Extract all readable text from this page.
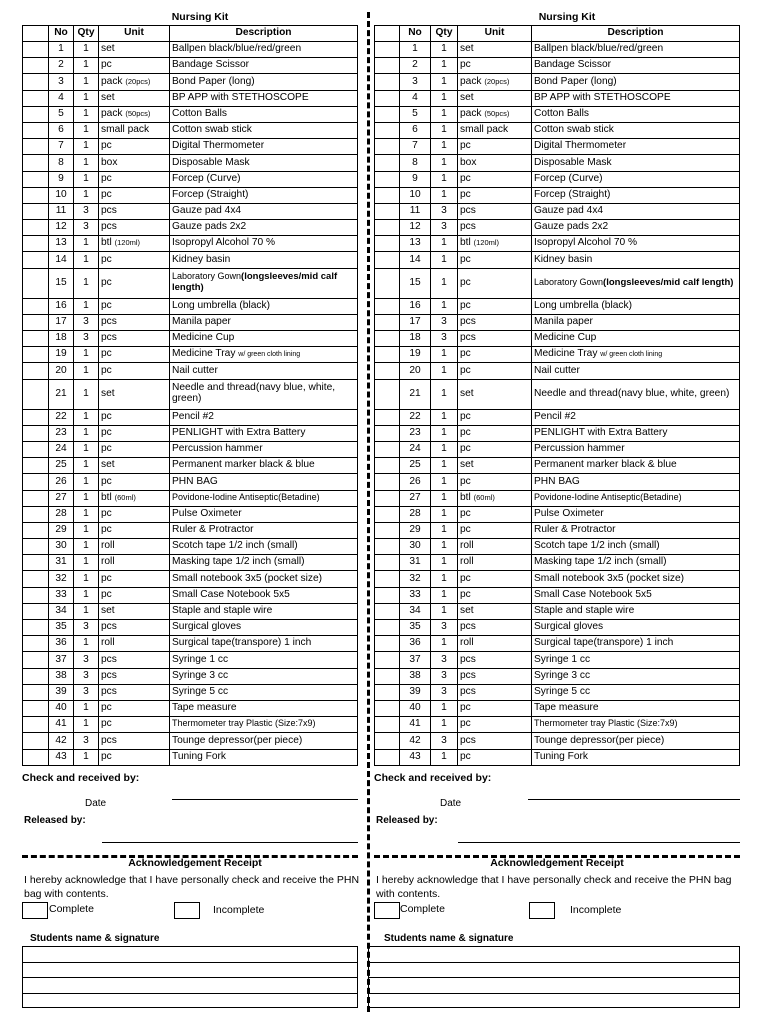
Nursing Kit
	No	Qty	Unit	Description
	1	1	set	Ballpen black/blue/red/green
	2	1	pc	Bandage Scissor
	3	1	pack (20pcs)	Bond Paper (long)
	4	1	set	BP APP with STETHOSCOPE
	5	1	pack (50pcs)	Cotton Balls
	6	1	small pack	Cotton swab stick
	7	1	pc	Digital Thermometer
	8	1	box	Disposable Mask
	9	1	pc	Forcep (Curve)
	10	1	pc	Forcep (Straight)
	11	3	pcs	Gauze pad 4x4
	12	3	pcs	Gauze pads 2x2
	13	1	btl (120ml)	Isopropyl Alcohol 70 %
	14	1	pc	Kidney basin
	15	1	pc	Laboratory Gown(longsleeves/mid calf length)
	16	1	pc	Long umbrella (black)
	17	3	pcs	Manila paper
	18	3	pcs	Medicine Cup
	19	1	pc	Medicine Tray w/ green cloth lining
	20	1	pc	Nail cutter
	21	1	set	Needle and thread(navy blue, white, green)
	22	1	pc	Pencil #2
	23	1	pc	PENLIGHT with Extra Battery
	24	1	pc	Percussion hammer
	25	1	set	Permanent marker black & blue
	26	1	pc	PHN BAG
	27	1	btl (60ml)	Povidone-Iodine Antiseptic(Betadine)
	28	1	pc	Pulse Oximeter
	29	1	pc	Ruler & Protractor
	30	1	roll	Scotch tape 1/2 inch (small)
	31	1	roll	Masking tape 1/2 inch (small)
	32	1	pc	Small notebook 3x5 (pocket size)
	33	1	pc	Small Case Notebook 5x5
	34	1	set	Staple and staple wire
	35	3	pcs	Surgical gloves
	36	1	roll	Surgical tape(transpore) 1 inch
	37	3	pcs	Syringe 1 cc
	38	3	pcs	Syringe 3 cc
	39	3	pcs	Syringe 5 cc
	40	1	pc	Tape measure
	41	1	pc	Thermometer tray Plastic (Size:7x9)
	42	3	pcs	Tounge depressor(per piece)
	43	1	pc	Tuning Fork
Check and received by:
Nursing Kit
	No	Qty	Unit	Description
	1	1	set	Ballpen black/blue/red/green
	2	1	pc	Bandage Scissor
	3	1	pack (20pcs)	Bond Paper (long)
	4	1	set	BP APP with STETHOSCOPE
	5	1	pack (50pcs)	Cotton Balls
	6	1	small pack	Cotton swab stick
	7	1	pc	Digital Thermometer
	8	1	box	Disposable Mask
	9	1	pc	Forcep (Curve)
	10	1	pc	Forcep (Straight)
	11	3	pcs	Gauze pad 4x4
	12	3	pcs	Gauze pads 2x2
	13	1	btl (120ml)	Isopropyl Alcohol 70 %
	14	1	pc	Kidney basin
	15	1	pc	Laboratory Gown(longsleeves/mid calf length)
	16	1	pc	Long umbrella (black)
	17	3	pcs	Manila paper
	18	3	pcs	Medicine Cup
	19	1	pc	Medicine Tray w/ green cloth lining
	20	1	pc	Nail cutter
	21	1	set	Needle and thread(navy blue, white, green)
	22	1	pc	Pencil #2
	23	1	pc	PENLIGHT with Extra Battery
	24	1	pc	Percussion hammer
	25	1	set	Permanent marker black & blue
	26	1	pc	PHN BAG
	27	1	btl (60ml)	Povidone-Iodine Antiseptic(Betadine)
	28	1	pc	Pulse Oximeter
	29	1	pc	Ruler & Protractor
	30	1	roll	Scotch tape 1/2 inch (small)
	31	1	roll	Masking tape 1/2 inch (small)
	32	1	pc	Small notebook 3x5 (pocket size)
	33	1	pc	Small Case Notebook 5x5
	34	1	set	Staple and staple wire
	35	3	pcs	Surgical gloves
	36	1	roll	Surgical tape(transpore) 1 inch
	37	3	pcs	Syringe 1 cc
	38	3	pcs	Syringe 3 cc
	39	3	pcs	Syringe 5 cc
	40	1	pc	Tape measure
	41	1	pc	Thermometer tray Plastic (Size:7x9)
	42	3	pcs	Tounge depressor(per piece)
	43	1	pc	Tuning Fork
Check and received by:
Date
Released by:
Date
Released by:
Acknowledgement Receipt
I hereby acknowledge that I have personally check and receive the PHN bag with contents.
Complete	Incomplete
Students name & signature
Acknowledgement Receipt
I hereby acknowledge that I have personally check and receive the PHN bag with contents.
Complete	Incomplete
Students name & signature
